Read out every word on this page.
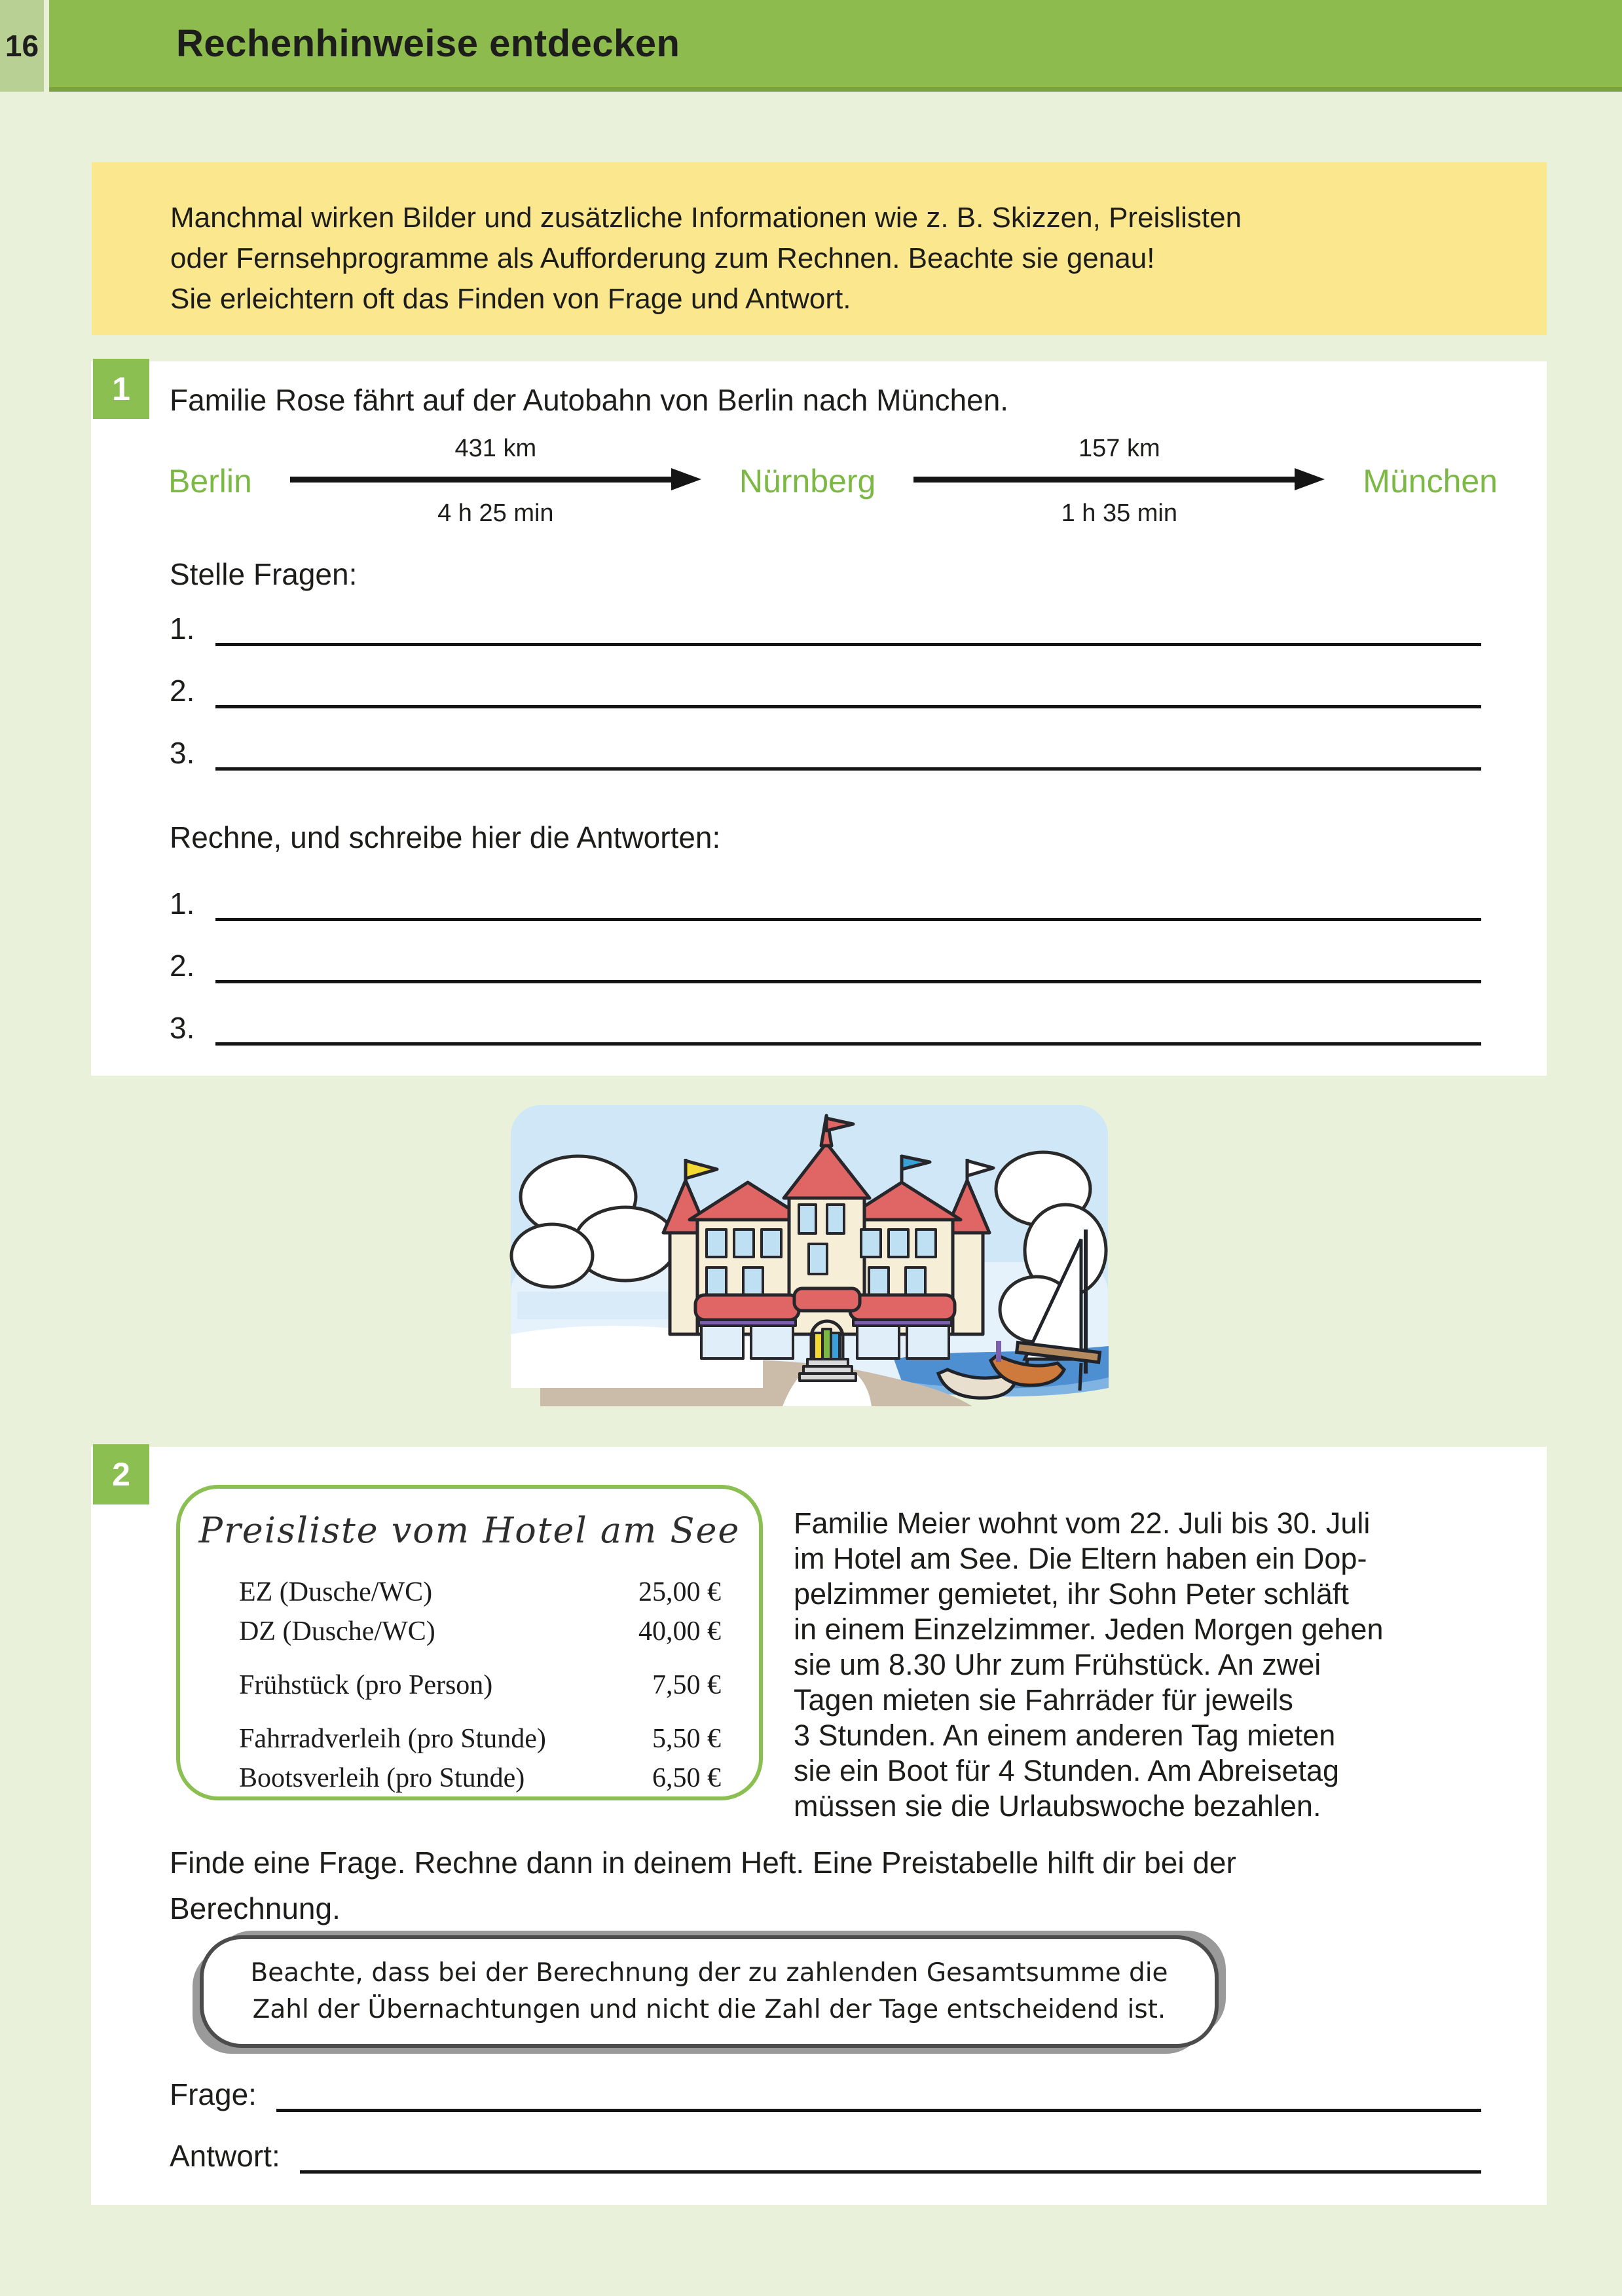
16	Rechenhinweise entdecken
Manchmal wirken Bilder und zusätzliche Informationen wie z. B. Skizzen, Preislisten
oder Fernsehprogramme als Aufforderung zum Rechnen. Beachte sie genau!
Sie erleichtern oft das Finden von Frage und Antwort.
1	Familie Rose fährt auf der Autobahn von Berlin nach München.
Berlin
431 km
4 h 25 min
Nürnberg
157 km
1 h 35 min
München
Stelle Fragen:
1.
2.
3.
Rechne, und schreibe hier die Antworten:
1.
2.
3.
2
Preisliste vom Hotel am See
EZ (Dusche/WC)	25,00 €
DZ (Dusche/WC)	40,00 €
Frühstück (pro Person)	7,50 €
Fahrradverleih (pro Stunde)	5,50 €
Bootsverleih (pro Stunde)	6,50 €
Familie Meier wohnt vom 22. Juli bis 30. Juli
im Hotel am See. Die Eltern haben ein Dop-
pelzimmer gemietet, ihr Sohn Peter schläft
in einem Einzelzimmer. Jeden Morgen gehen
sie um 8.30 Uhr zum Frühstück. An zwei
Tagen mieten sie Fahrräder für jeweils
3 Stunden. An einem anderen Tag mieten
sie ein Boot für 4 Stunden. Am Abreisetag
müssen sie die Urlaubswoche bezahlen.
Finde eine Frage. Rechne dann in deinem Heft. Eine Preistabelle hilft dir bei der
Berechnung.
Beachte, dass bei der Berechnung der zu zahlenden Gesamtsumme die
Zahl der Übernachtungen und nicht die Zahl der Tage entscheidend ist.
Frage:
Antwort:
